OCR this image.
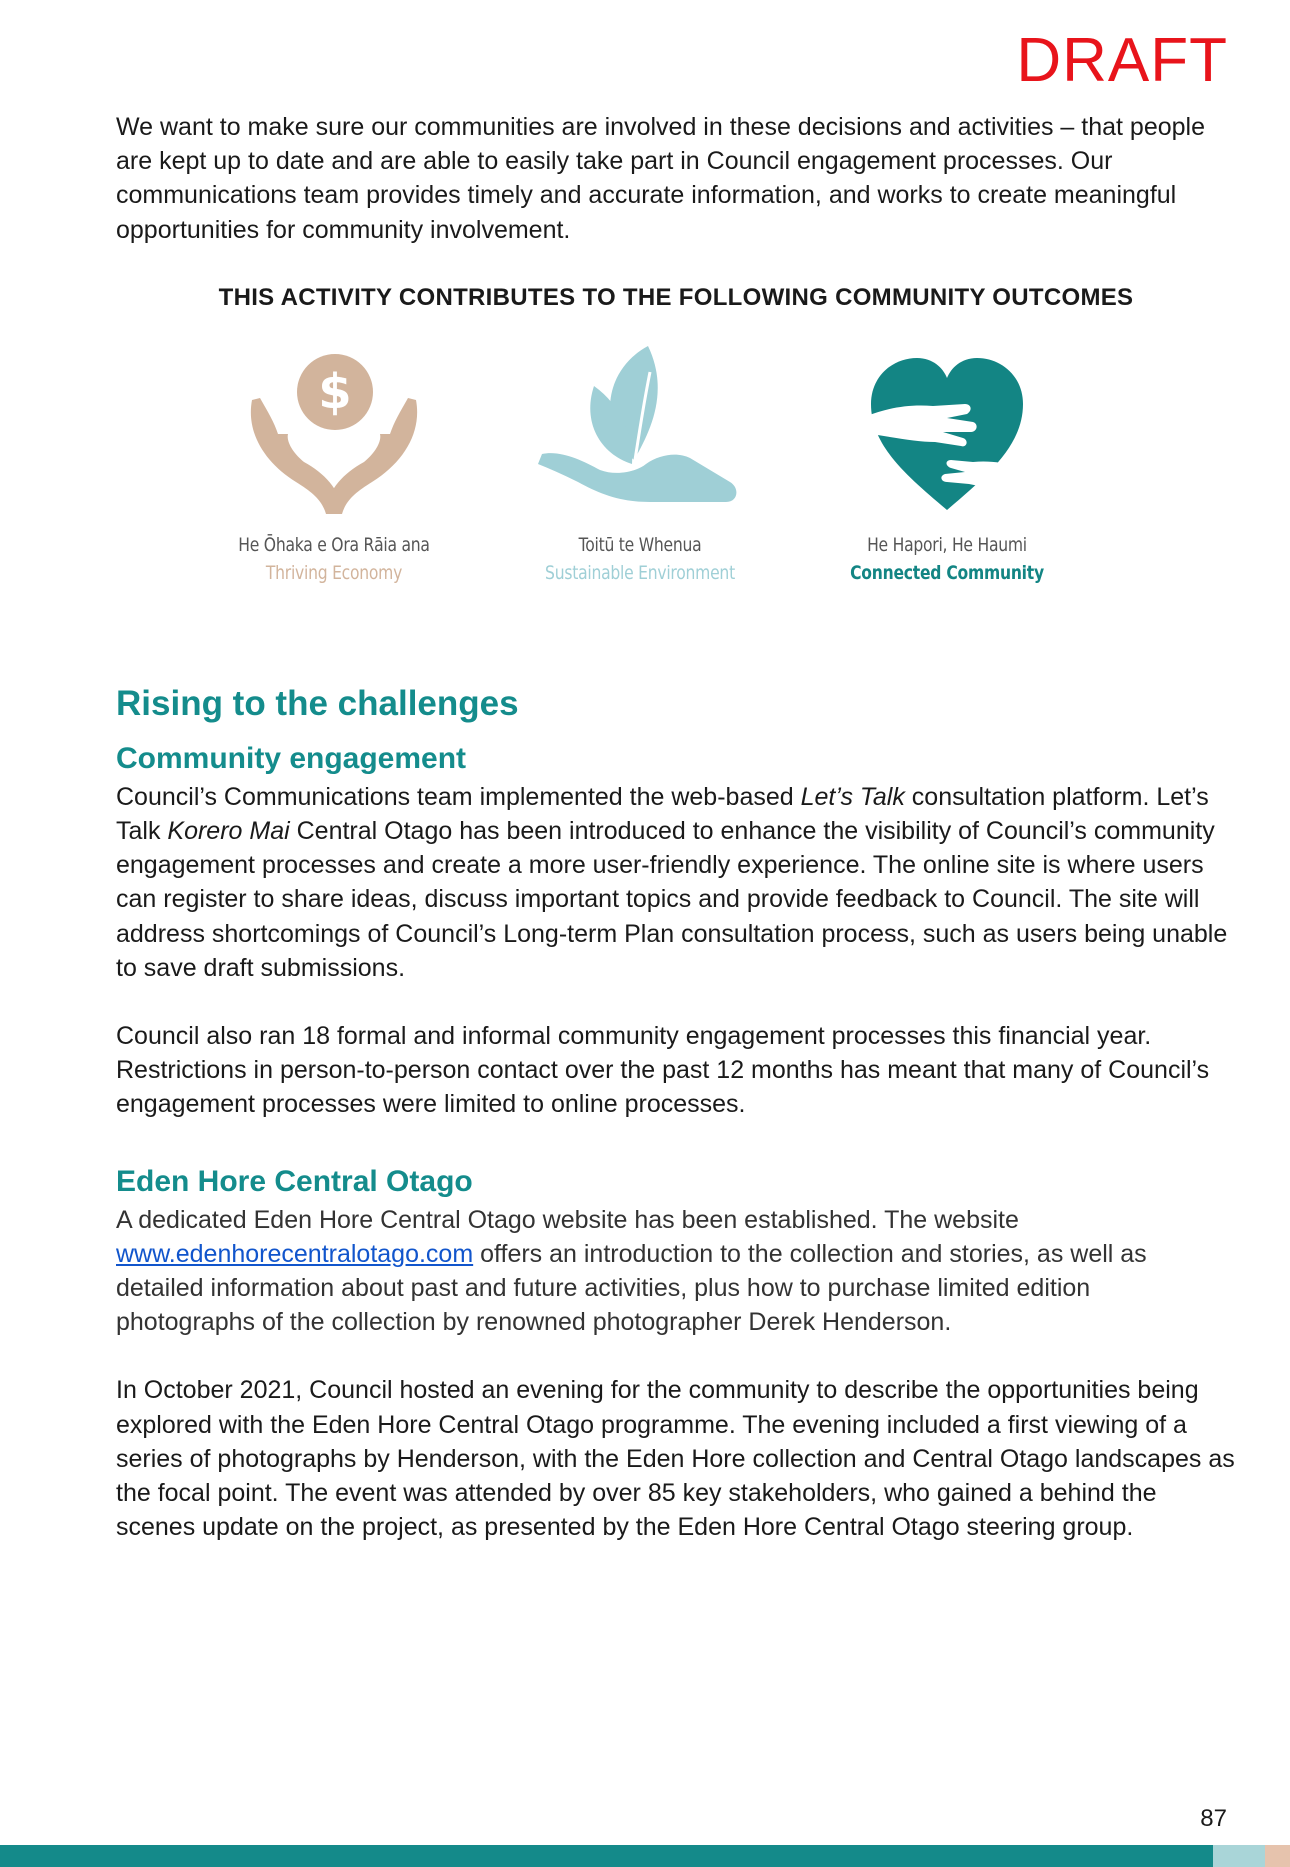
DRAFT

We want to make sure our communities are involved in these decisions and activities – that people are kept up to date and are able to easily take part in Council engagement processes. Our communications team provides timely and accurate information, and works to create meaningful opportunities for community involvement.

THIS ACTIVITY CONTRIBUTES TO THE FOLLOWING COMMUNITY OUTCOMES
$
He Ōhaka e Ora Rāia ana
Thriving Economy
Toitū te Whenua
Sustainable Environment
He Hapori, He Haumi
Connected Community
Rising to the challenges
Community engagement

Council’s Communications team implemented the web-based Let’s Talk consultation platform. Let’s Talk Korero Mai Central Otago has been introduced to enhance the visibility of Council’s community engagement processes and create a more user-friendly experience. The online site is where users can register to share ideas, discuss important topics and provide feedback to Council. The site will address shortcomings of Council’s Long-term Plan consultation process, such as users being unable to save draft submissions.

Council also ran 18 formal and informal community engagement processes this financial year. Restrictions in person-to-person contact over the past 12 months has meant that many of Council’s engagement processes were limited to online processes.

Eden Hore Central Otago

A dedicated Eden Hore Central Otago website has been established. The website www.edenhorecentralotago.com offers an introduction to the collection and stories, as well as detailed information about past and future activities, plus how to purchase limited edition photographs of the collection by renowned photographer Derek Henderson.

In October 2021, Council hosted an evening for the community to describe the opportunities being explored with the Eden Hore Central Otago programme. The evening included a first viewing of a series of photographs by Henderson, with the Eden Hore collection and Central Otago landscapes as the focal point. The event was attended by over 85 key stakeholders, who gained a behind the scenes update on the project, as presented by the Eden Hore Central Otago steering group.

87
